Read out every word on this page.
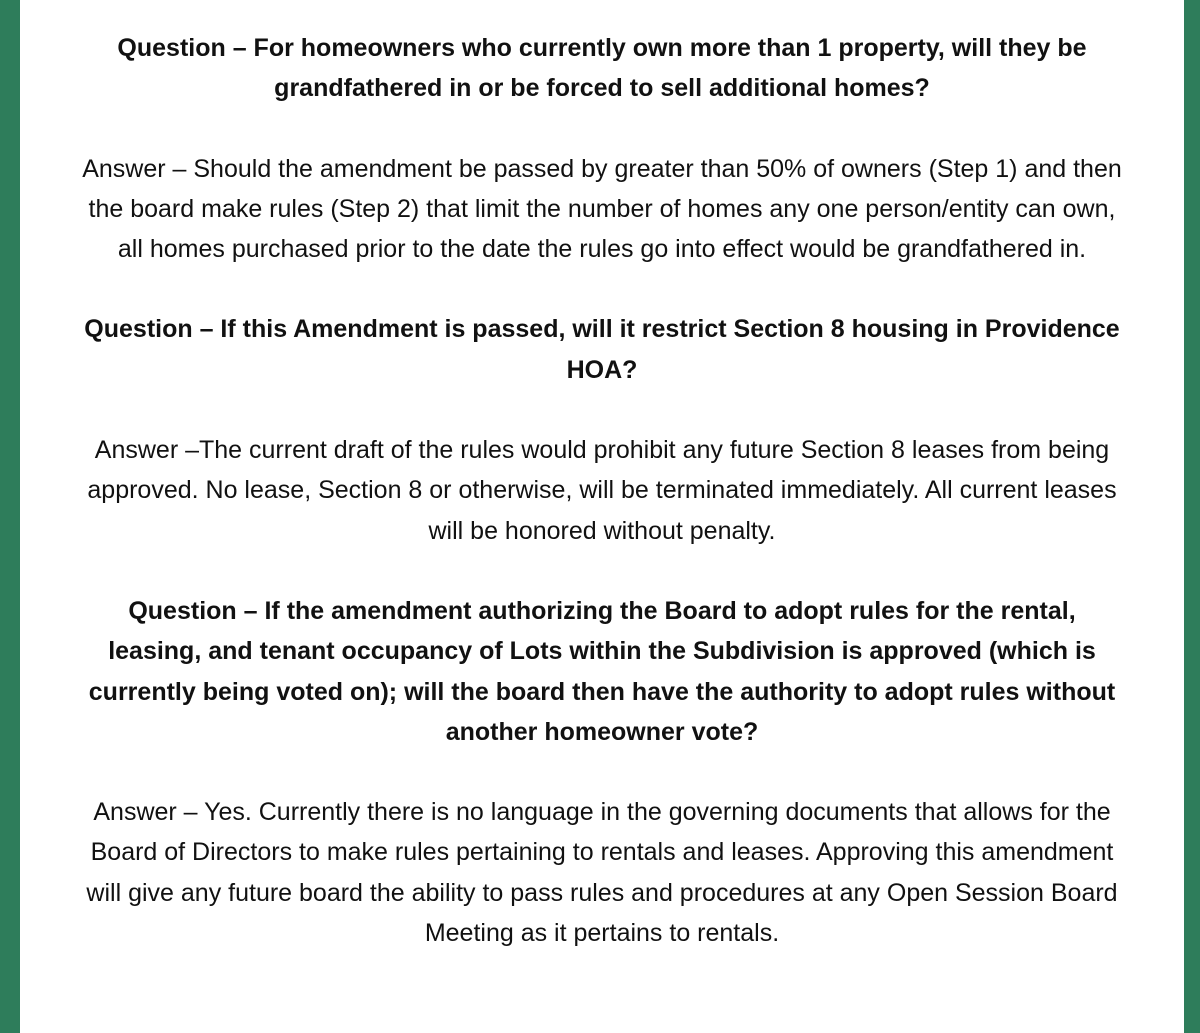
Question – For homeowners who currently own more than 1 property, will they be grandfathered in or be forced to sell additional homes?

Answer – Should the amendment be passed by greater than 50% of owners (Step 1) and then the board make rules (Step 2) that limit the number of homes any one person/entity can own, all homes purchased prior to the date the rules go into effect would be grandfathered in.

Question – If this Amendment is passed, will it restrict Section 8 housing in Providence HOA?

Answer –The current draft of the rules would prohibit any future Section 8 leases from being approved. No lease, Section 8 or otherwise, will be terminated immediately. All current leases will be honored without penalty.

Question – If the amendment authorizing the Board to adopt rules for the rental, leasing, and tenant occupancy of Lots within the Subdivision is approved (which is currently being voted on); will the board then have the authority to adopt rules without another homeowner vote?

Answer – Yes. Currently there is no language in the governing documents that allows for the Board of Directors to make rules pertaining to rentals and leases. Approving this amendment will give any future board the ability to pass rules and procedures at any Open Session Board Meeting as it pertains to rentals.
